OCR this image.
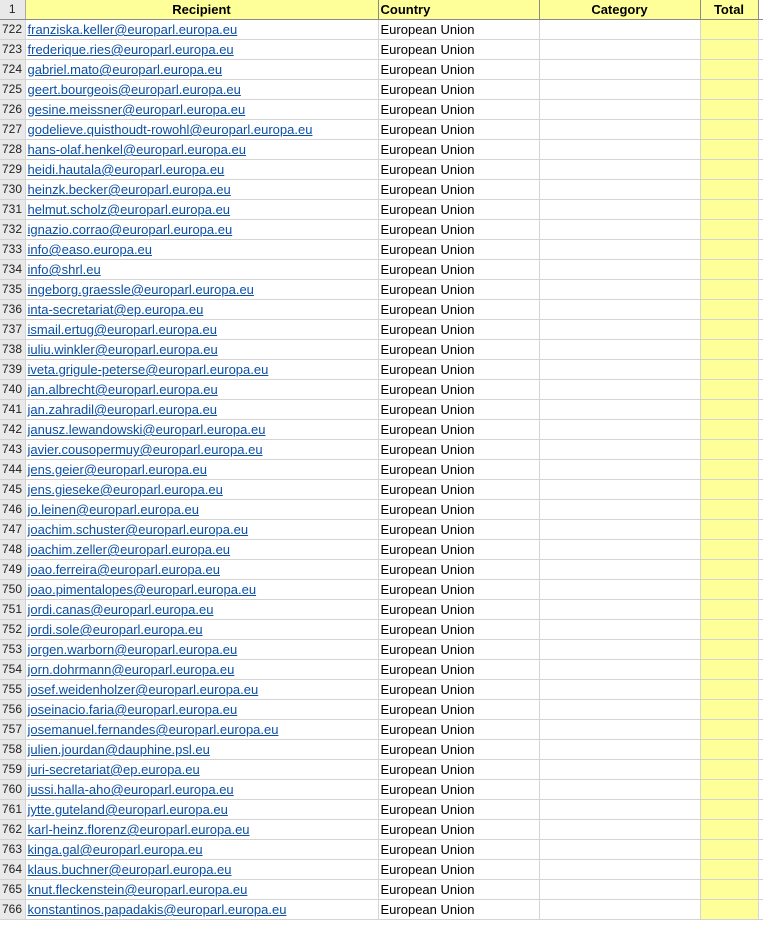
1	Recipient	Country	Category	Total	
722	franziska.keller@europarl.europa.eu	European Union			
723	frederique.ries@europarl.europa.eu	European Union			
724	gabriel.mato@europarl.europa.eu	European Union			
725	geert.bourgeois@europarl.europa.eu	European Union			
726	gesine.meissner@europarl.europa.eu	European Union			
727	godelieve.quisthoudt-rowohl@europarl.europa.eu	European Union			
728	hans-olaf.henkel@europarl.europa.eu	European Union			
729	heidi.hautala@europarl.europa.eu	European Union			
730	heinzk.becker@europarl.europa.eu	European Union			
731	helmut.scholz@europarl.europa.eu	European Union			
732	ignazio.corrao@europarl.europa.eu	European Union			
733	info@easo.europa.eu	European Union			
734	info@shrl.eu	European Union			
735	ingeborg.graessle@europarl.europa.eu	European Union			
736	inta-secretariat@ep.europa.eu	European Union			
737	ismail.ertug@europarl.europa.eu	European Union			
738	iuliu.winkler@europarl.europa.eu	European Union			
739	iveta.grigule-peterse@europarl.europa.eu	European Union			
740	jan.albrecht@europarl.europa.eu	European Union			
741	jan.zahradil@europarl.europa.eu	European Union			
742	janusz.lewandowski@europarl.europa.eu	European Union			
743	javier.cousopermuy@europarl.europa.eu	European Union			
744	jens.geier@europarl.europa.eu	European Union			
745	jens.gieseke@europarl.europa.eu	European Union			
746	jo.leinen@europarl.europa.eu	European Union			
747	joachim.schuster@europarl.europa.eu	European Union			
748	joachim.zeller@europarl.europa.eu	European Union			
749	joao.ferreira@europarl.europa.eu	European Union			
750	joao.pimentalopes@europarl.europa.eu	European Union			
751	jordi.canas@europarl.europa.eu	European Union			
752	jordi.sole@europarl.europa.eu	European Union			
753	jorgen.warborn@europarl.europa.eu	European Union			
754	jorn.dohrmann@europarl.europa.eu	European Union			
755	josef.weidenholzer@europarl.europa.eu	European Union			
756	joseinacio.faria@europarl.europa.eu	European Union			
757	josemanuel.fernandes@europarl.europa.eu	European Union			
758	julien.jourdan@dauphine.psl.eu	European Union			
759	juri-secretariat@ep.europa.eu	European Union			
760	jussi.halla-aho@europarl.europa.eu	European Union			
761	jytte.guteland@europarl.europa.eu	European Union			
762	karl-heinz.florenz@europarl.europa.eu	European Union			
763	kinga.gal@europarl.europa.eu	European Union			
764	klaus.buchner@europarl.europa.eu	European Union			
765	knut.fleckenstein@europarl.europa.eu	European Union			
766	konstantinos.papadakis@europarl.europa.eu	European Union			
